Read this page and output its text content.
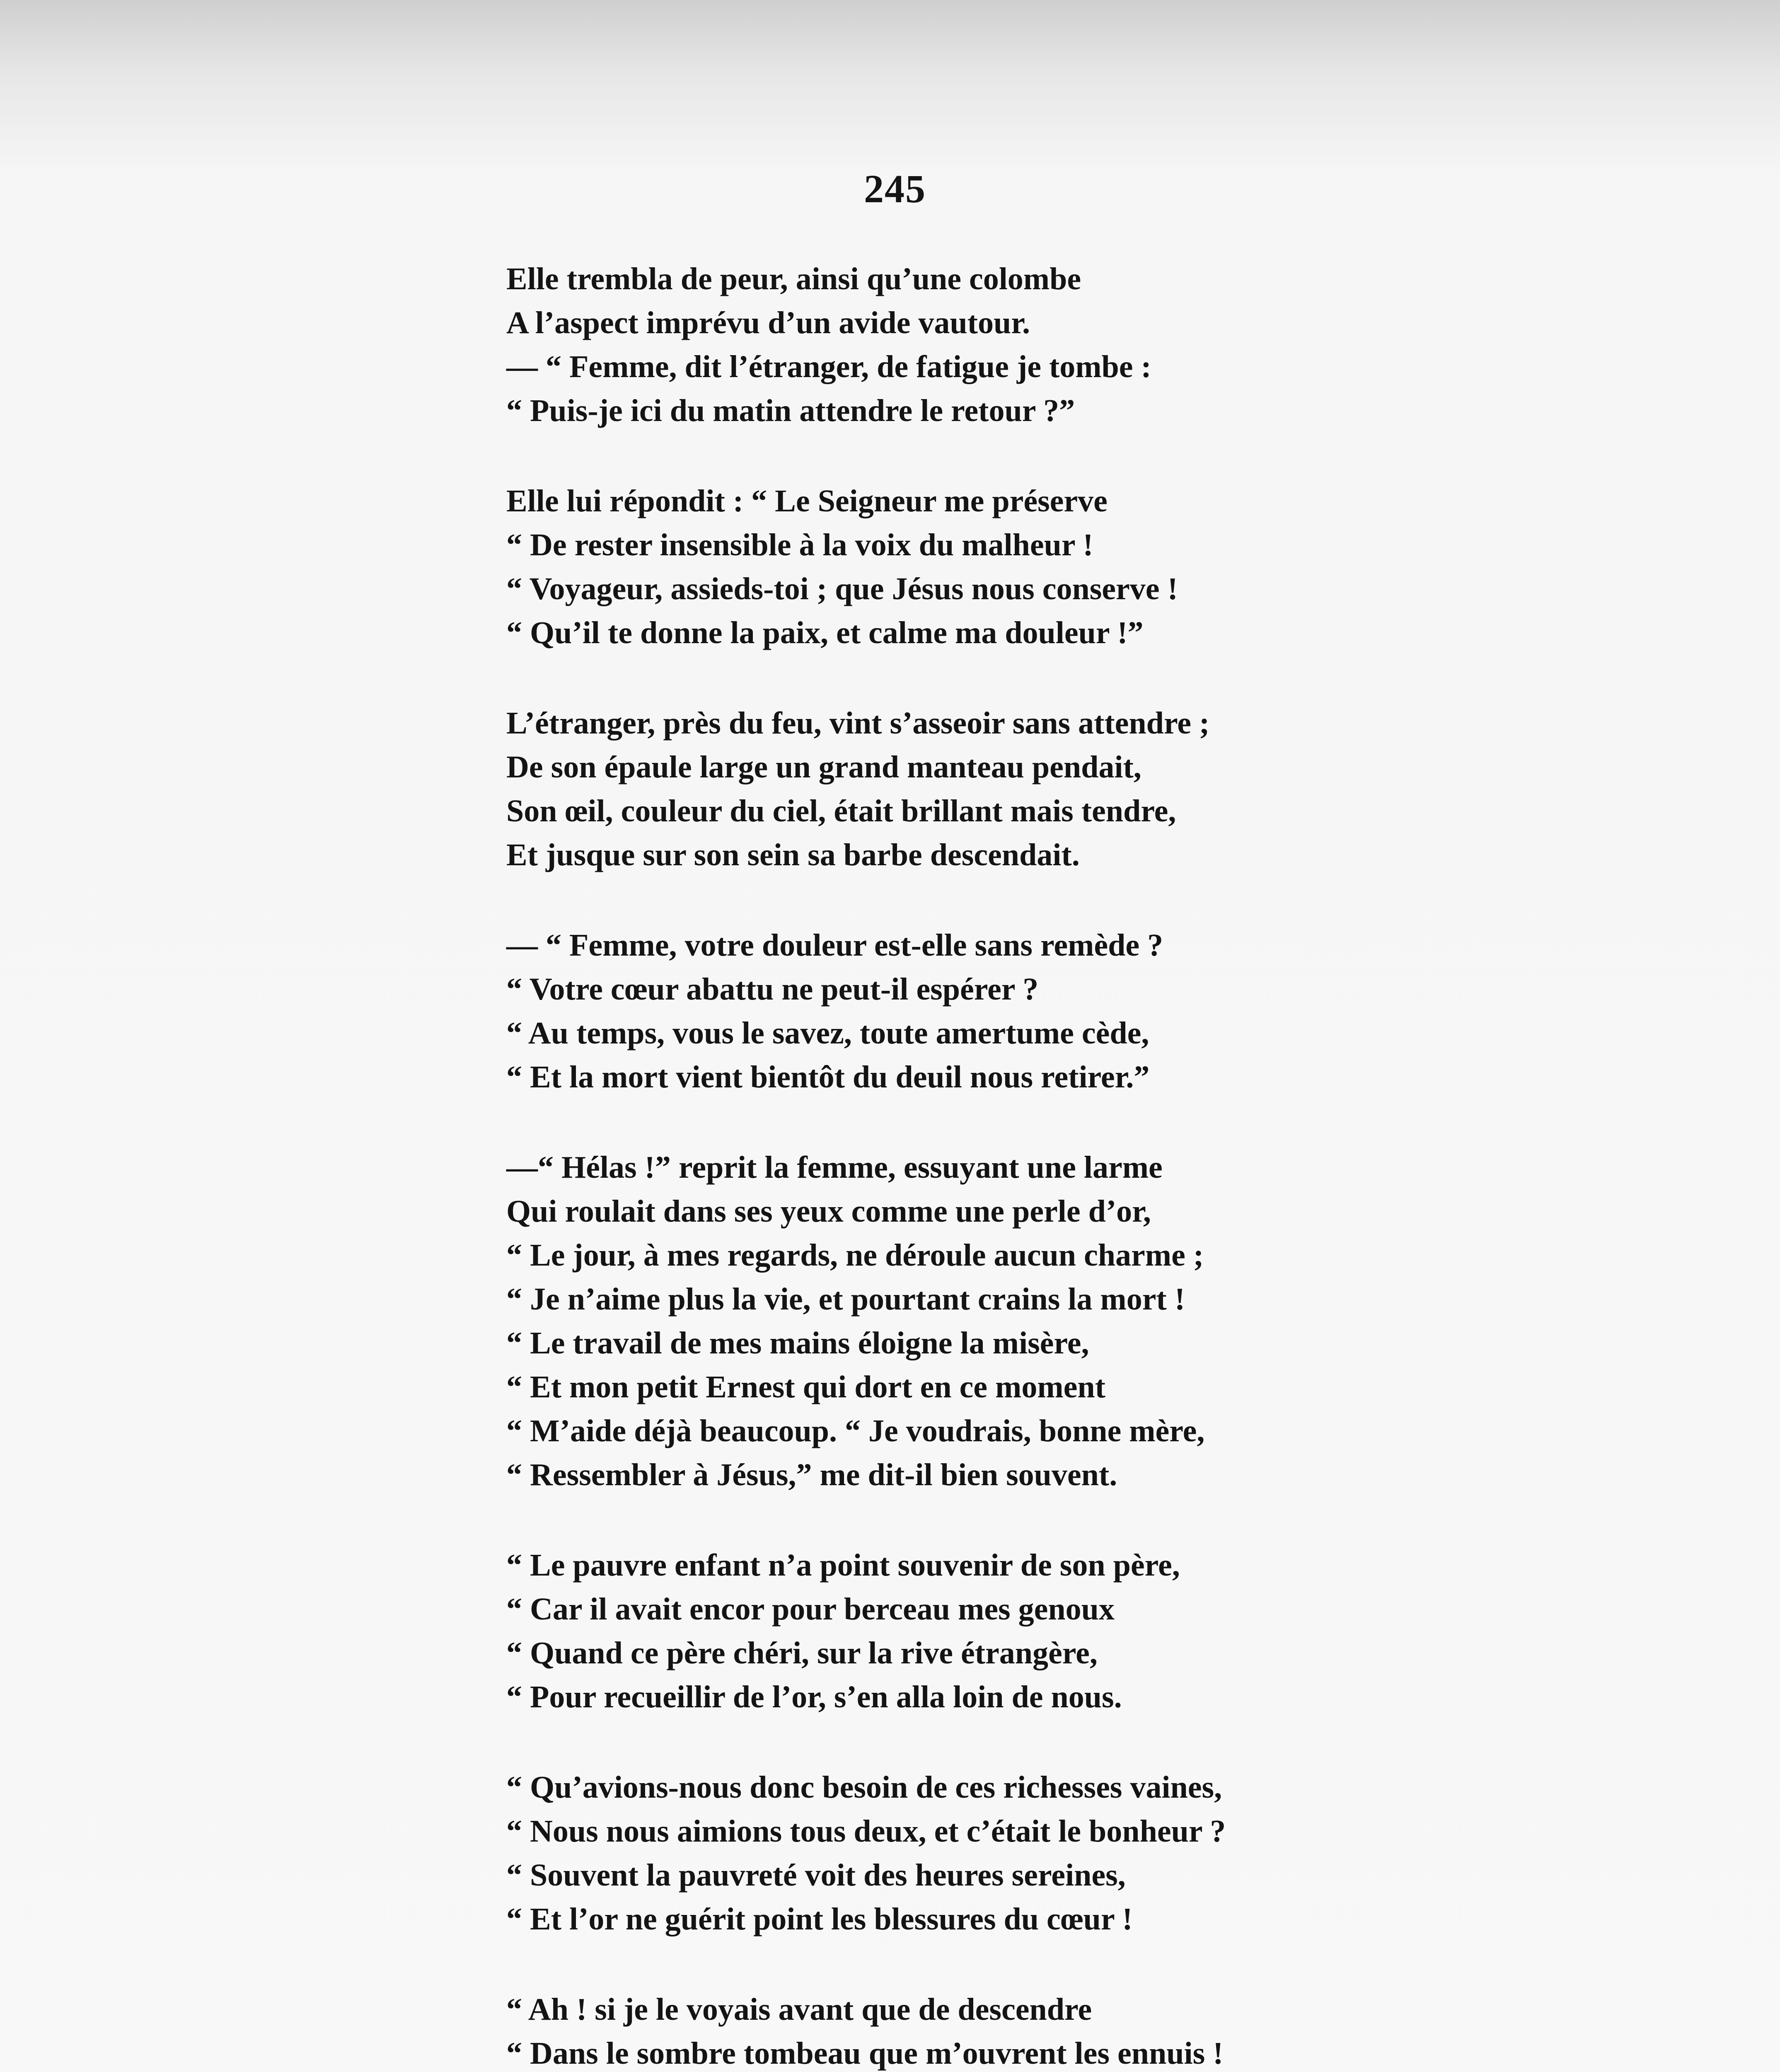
245
Elle trembla de peur, ainsi qu’une colombe
A l’aspect imprévu d’un avide vautour.
— “ Femme, dit l’étranger, de fatigue je tombe :
“ Puis-je ici du matin attendre le retour ?”
Elle lui répondit : “ Le Seigneur me préserve
“ De rester insensible à la voix du malheur !
“ Voyageur, assieds-toi ; que Jésus nous conserve !
“ Qu’il te donne la paix, et calme ma douleur !”
L’étranger, près du feu, vint s’asseoir sans attendre ;
De son épaule large un grand manteau pendait,
Son œil, couleur du ciel, était brillant mais tendre,
Et jusque sur son sein sa barbe descendait.
— “ Femme, votre douleur est-elle sans remède ?
“ Votre cœur abattu ne peut-il espérer ?
“ Au temps, vous le savez, toute amertume cède,
“ Et la mort vient bientôt du deuil nous retirer.”
—“ Hélas !” reprit la femme, essuyant une larme
Qui roulait dans ses yeux comme une perle d’or,
“ Le jour, à mes regards, ne déroule aucun charme ;
“ Je n’aime plus la vie, et pourtant crains la mort !
“ Le travail de mes mains éloigne la misère,
“ Et mon petit Ernest qui dort en ce moment
“ M’aide déjà beaucoup. “ Je voudrais, bonne mère,
“ Ressembler à Jésus,” me dit-il bien souvent.
“ Le pauvre enfant n’a point souvenir de son père,
“ Car il avait encor pour berceau mes genoux
“ Quand ce père chéri, sur la rive étrangère,
“ Pour recueillir de l’or, s’en alla loin de nous.
“ Qu’avions-nous donc besoin de ces richesses vaines,
“ Nous nous aimions tous deux, et c’était le bonheur ?
“ Souvent la pauvreté voit des heures sereines,
“ Et l’or ne guérit point les blessures du cœur !
“ Ah ! si je le voyais avant que de descendre
“ Dans le sombre tombeau que m’ouvrent les ennuis !
